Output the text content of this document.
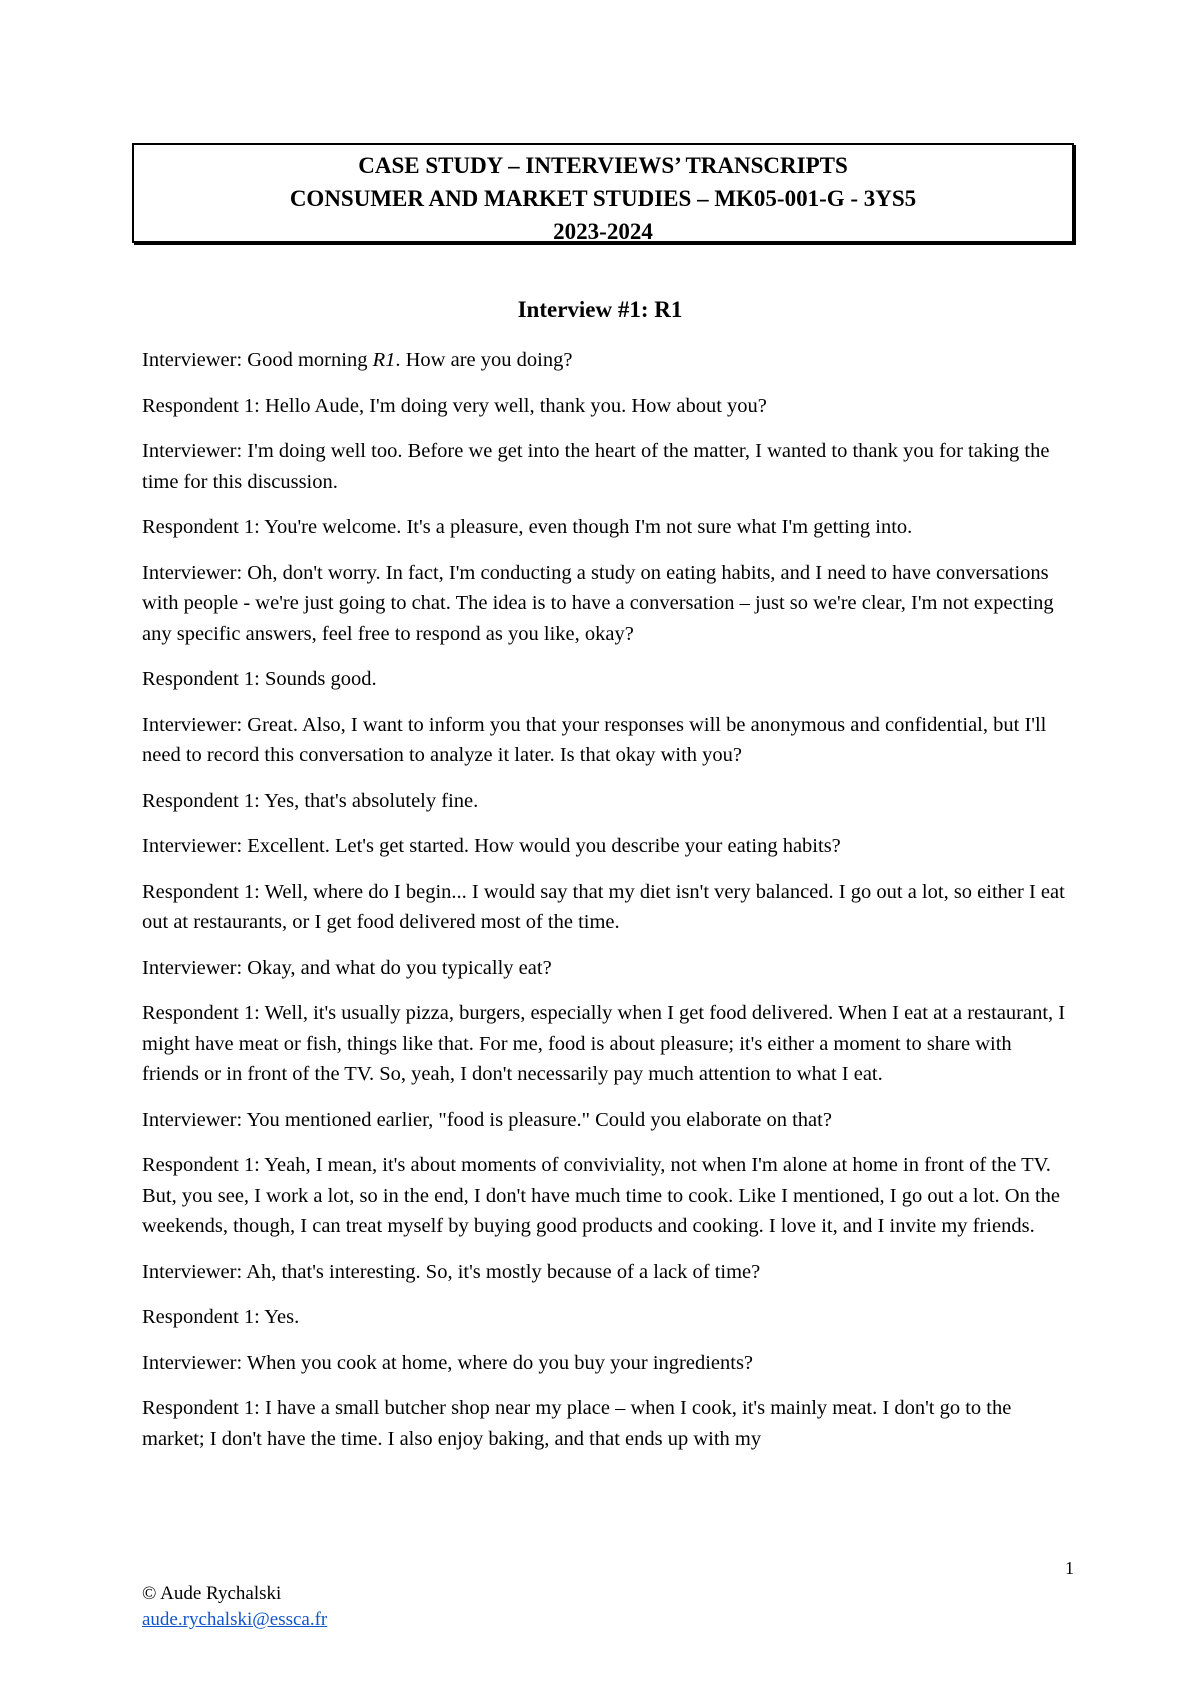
CASE STUDY – INTERVIEWS’ TRANSCRIPTS
CONSUMER AND MARKET STUDIES – MK05-001-G - 3YS5
2023-2024
Interview #1: R1

Interviewer: Good morning R1. How are you doing?

Respondent 1: Hello Aude, I'm doing very well, thank you. How about you?

Interviewer: I'm doing well too. Before we get into the heart of the matter, I wanted to thank you for taking the time for this discussion.

Respondent 1: You're welcome. It's a pleasure, even though I'm not sure what I'm getting into.

Interviewer: Oh, don't worry. In fact, I'm conducting a study on eating habits, and I need to have conversations with people - we're just going to chat. The idea is to have a conversation – just so we're clear, I'm not expecting any specific answers, feel free to respond as you like, okay?

Respondent 1: Sounds good.

Interviewer: Great. Also, I want to inform you that your responses will be anonymous and confidential, but I'll need to record this conversation to analyze it later. Is that okay with you?

Respondent 1: Yes, that's absolutely fine.

Interviewer: Excellent. Let's get started. How would you describe your eating habits?

Respondent 1: Well, where do I begin... I would say that my diet isn't very balanced. I go out a lot, so either I eat out at restaurants, or I get food delivered most of the time.

Interviewer: Okay, and what do you typically eat?

Respondent 1: Well, it's usually pizza, burgers, especially when I get food delivered. When I eat at a restaurant, I might have meat or fish, things like that. For me, food is about pleasure; it's either a moment to share with friends or in front of the TV. So, yeah, I don't necessarily pay much attention to what I eat.

Interviewer: You mentioned earlier, "food is pleasure." Could you elaborate on that?

Respondent 1: Yeah, I mean, it's about moments of conviviality, not when I'm alone at home in front of the TV. But, you see, I work a lot, so in the end, I don't have much time to cook. Like I mentioned, I go out a lot. On the weekends, though, I can treat myself by buying good products and cooking. I love it, and I invite my friends.

Interviewer: Ah, that's interesting. So, it's mostly because of a lack of time?

Respondent 1: Yes.

Interviewer: When you cook at home, where do you buy your ingredients?

Respondent 1: I have a small butcher shop near my place – when I cook, it's mainly meat. I don't go to the market; I don't have the time. I also enjoy baking, and that ends up with my

1
© Aude Rychalski
aude.rychalski@essca.fr
